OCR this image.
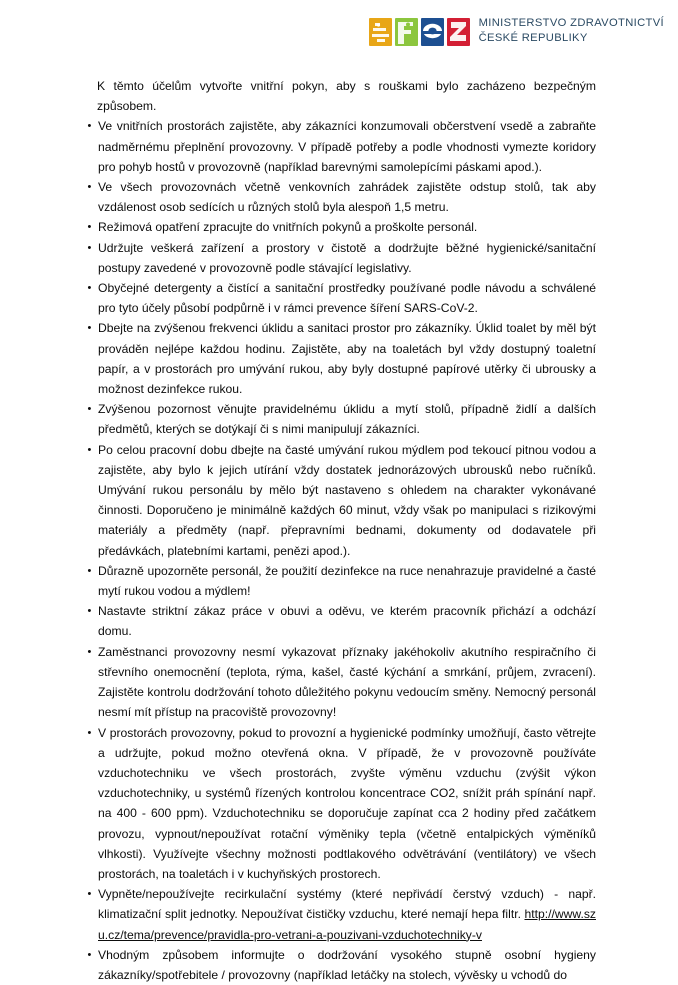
MINISTERSTVO ZDRAVOTNICTVÍ
ČESKÉ REPUBLIKY

K těmto účelům vytvořte vnitřní pokyn, aby s rouškami bylo zacházeno bezpečným způsobem.

• Ve vnitřních prostorách zajistěte, aby zákazníci konzumovali občerstvení vsedě a zabraňte nadměrnému přeplnění provozovny. V případě potřeby a podle vhodnosti vymezte koridory pro pohyb hostů v provozovně (například barevnými samolepícími páskami apod.).
• Ve všech provozovnách včetně venkovních zahrádek zajistěte odstup stolů, tak aby vzdálenost osob sedících u různých stolů byla alespoň 1,5 metru.
• Režimová opatření zpracujte do vnitřních pokynů a proškolte personál.
• Udržujte veškerá zařízení a prostory v čistotě a dodržujte běžné hygienické/sanitační postupy zavedené v provozovně podle stávající legislativy.
• Obyčejné detergenty a čistící a sanitační prostředky používané podle návodu a schválené pro tyto účely působí podpůrně i v rámci prevence šíření SARS-CoV-2.
• Dbejte na zvýšenou frekvenci úklidu a sanitaci prostor pro zákazníky. Úklid toalet by měl být prováděn nejlépe každou hodinu. Zajistěte, aby na toaletách byl vždy dostupný toaletní papír, a v prostorách pro umývání rukou, aby byly dostupné papírové utěrky či ubrousky a možnost dezinfekce rukou.
• Zvýšenou pozornost věnujte pravidelnému úklidu a mytí stolů, případně židlí a dalších předmětů, kterých se dotýkají či s nimi manipulují zákazníci.
• Po celou pracovní dobu dbejte na časté umývání rukou mýdlem pod tekoucí pitnou vodou a zajistěte, aby bylo k jejich utírání vždy dostatek jednorázových ubrousků nebo ručníků. Umývání rukou personálu by mělo být nastaveno s ohledem na charakter vykonávané činnosti. Doporučeno je minimálně každých 60 minut, vždy však po manipulaci s rizikovými materiály a předměty (např. přepravními bednami, dokumenty od dodavatele při předávkách, platebními kartami, penězi apod.).
• Důrazně upozorněte personál, že použití dezinfekce na ruce nenahrazuje pravidelné a časté mytí rukou vodou a mýdlem!
• Nastavte striktní zákaz práce v obuvi a oděvu, ve kterém pracovník přichází a odchází domu.
• Zaměstnanci provozovny nesmí vykazovat příznaky jakéhokoliv akutního respiračního či střevního onemocnění (teplota, rýma, kašel, časté kýchání a smrkání, průjem, zvracení). Zajistěte kontrolu dodržování tohoto důležitého pokynu vedoucím směny. Nemocný personál nesmí mít přístup na pracoviště provozovny!
• V prostorách provozovny, pokud to provozní a hygienické podmínky umožňují, často větrejte a udržujte, pokud možno otevřená okna. V případě, že v provozovně používáte vzduchotechniku ve všech prostorách, zvyšte výměnu vzduchu (zvýšit výkon vzduchotechniky, u systémů řízených kontrolou koncentrace CO2, snížit práh spínání např. na 400 - 600 ppm). Vzduchotechniku se doporučuje zapínat cca 2 hodiny před začátkem provozu, vypnout/nepoužívat rotační výměniky tepla (včetně entalpických výměníků vlhkosti). Využívejte všechny možnosti podtlakového odvětrávání (ventilátory) ve všech prostorách, na toaletách i v kuchyňských prostorech.
• Vypněte/nepoužívejte recirkulační systémy (které nepřivádí čerstvý vzduch) - např. klimatizační split jednotky. Nepoužívat čističky vzduchu, které nemají hepa filtr. http://www.szu.cz/tema/prevence/pravidla-pro-vetrani-a-pouzivani-vzduchotechniky-v
• Vhodným způsobem informujte o dodržování vysokého stupně osobní hygieny zákazníky/spotřebitele / provozovny (například letáčky na stolech, vývěsky u vchodů do
